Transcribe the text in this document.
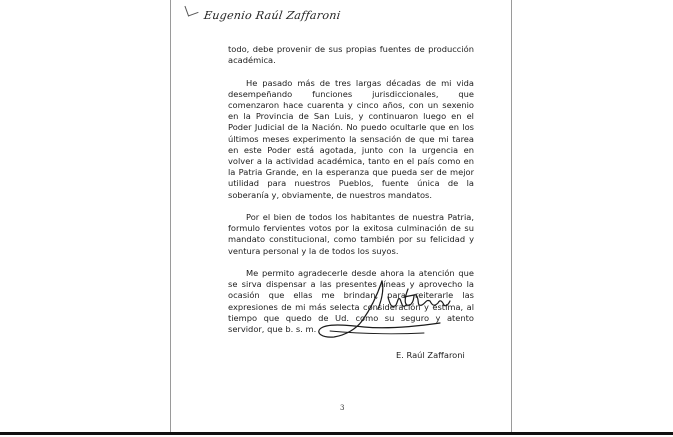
Eugenio Raúl Zaffaroni

todo, debe provenir de sus propias fuentes de producción académica.

He pasado más de tres largas décadas de mi vida desempeñando funciones jurisdiccionales, que comenzaron hace cuarenta y cinco años, con un sexenio en la Provincia de San Luis, y continuaron luego en el Poder Judicial de la Nación. No puedo ocultarle que en los últimos meses experimento la sensación de que mi tarea en este Poder está agotada, junto con la urgencia en volver a la actividad académica, tanto en el país como en la Patria Grande, en la esperanza que pueda ser de mejor utilidad para nuestros Pueblos, fuente única de la soberanía y, obviamente, de nuestros mandatos.

Por el bien de todos los habitantes de nuestra Patria, formulo fervientes votos por la exitosa culminación de su mandato constitucional, como también por su felicidad y ventura personal y la de todos los suyos.

Me permito agradecerle desde ahora la atención que se sirva dispensar a las presentes líneas y aprovecho la ocasión que ellas me brindan, para reiterarle las expresiones de mi más selecta consideración y estima, al tiempo que quedo de Ud. como su seguro y atento servidor, que b. s. m.

E. Raúl Zaffaroni
3
